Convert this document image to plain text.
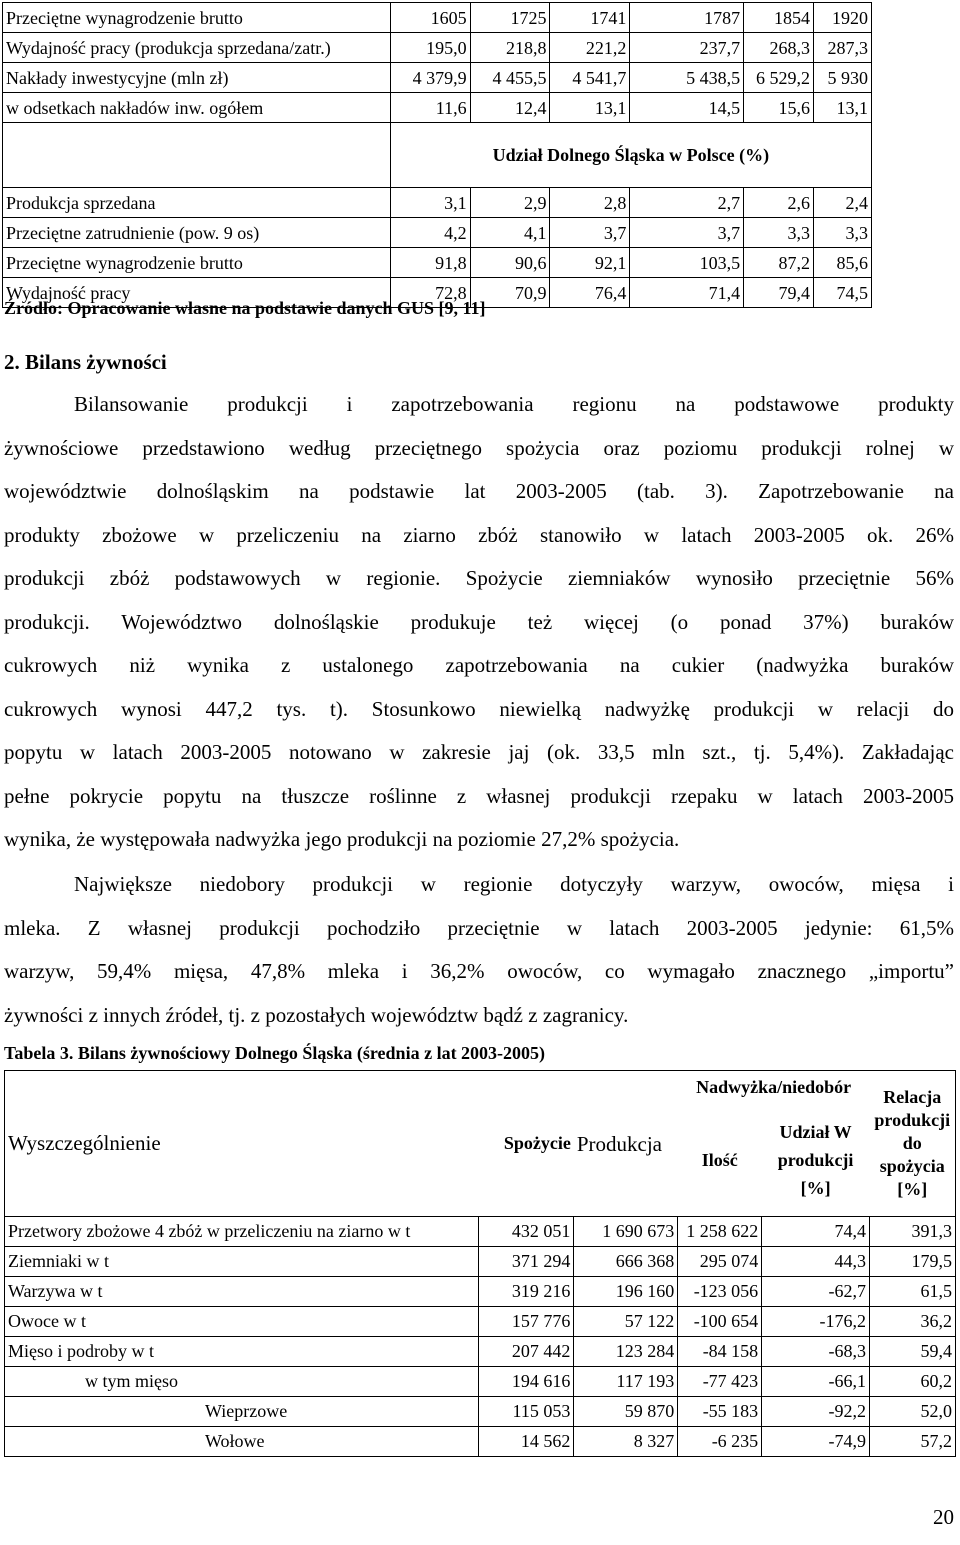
Przeciętne wynagrodzenie brutto	1605	1725	1741	1787	1854	1920
Wydajność pracy (produkcja sprzedana/zatr.)	195,0	218,8	221,2	237,7	268,3	287,3
Nakłady inwestycyjne (mln zł)	4 379,9	4 455,5	4 541,7	5 438,5	6 529,2	5 930
w odsetkach nakładów inw. ogółem	11,6	12,4	13,1	14,5	15,6	13,1
	Udział Dolnego Śląska w Polsce (%)					
Produkcja sprzedana	3,1	2,9	2,8	2,7	2,6	2,4
Przeciętne zatrudnienie (pow. 9 os)	4,2	4,1	3,7	3,7	3,3	3,3
Przeciętne wynagrodzenie brutto	91,8	90,6	92,1	103,5	87,2	85,6
Wydajność pracy	72,8	70,9	76,4	71,4	79,4	74,5
Źródło: Opracowanie własne na podstawie danych GUS [9, 11]
2. Bilans żywności
Bilansowanie produkcji i zapotrzebowania regionu na podstawowe produkty
żywnościowe przedstawiono według przeciętnego spożycia oraz poziomu produkcji rolnej w
województwie dolnośląskim na podstawie lat 2003-2005 (tab. 3). Zapotrzebowanie na
produkty zbożowe w przeliczeniu na ziarno zbóż stanowiło w latach 2003-2005 ok. 26%
produkcji zbóż podstawowych w regionie. Spożycie ziemniaków wynosiło przeciętnie 56%
produkcji. Województwo dolnośląskie produkuje też więcej (o ponad 37%) buraków
cukrowych niż wynika z ustalonego zapotrzebowania na cukier (nadwyżka buraków
cukrowych wynosi 447,2 tys. t). Stosunkowo niewielką nadwyżkę produkcji w relacji do
popytu w latach 2003-2005 notowano w zakresie jaj (ok. 33,5 mln szt., tj. 5,4%). Zakładając
pełne pokrycie popytu na tłuszcze roślinne z własnej produkcji rzepaku w latach 2003-2005
wynika, że występowała nadwyżka jego produkcji na poziomie 27,2% spożycia.
Największe niedobory produkcji w regionie dotyczyły warzyw, owoców, mięsa i
mleka. Z własnej produkcji pochodziło przeciętnie w latach 2003-2005 jedynie: 61,5%
warzyw, 59,4% mięsa, 47,8% mleka i 36,2% owoców, co wymagało znacznego „importu”
żywności z innych źródeł, tj. z pozostałych województw bądź z zagranicy.
Tabela 3. Bilans żywnościowy Dolnego Śląska (średnia z lat 2003-2005)
Wyszczególnienie	Spożycie	Produkcja	Nadwyżka/niedobór		Relacja produkcji do spożycia [%]
			Ilość	Udział W produkcji [%]	
Przetwory zbożowe 4 zbóż w przeliczeniu na ziarno w t	432 051	1 690 673	1 258 622	74,4	391,3
Ziemniaki w t	371 294	666 368	295 074	44,3	179,5
Warzywa w t	319 216	196 160	-123 056	-62,7	61,5
Owoce w t	157 776	57 122	-100 654	-176,2	36,2
Mięso i podroby w t	207 442	123 284	-84 158	-68,3	59,4
w tym mięso	194 616	117 193	-77 423	-66,1	60,2
Wieprzowe	115 053	59 870	-55 183	-92,2	52,0
Wołowe	14 562	8 327	-6 235	-74,9	57,2
20
